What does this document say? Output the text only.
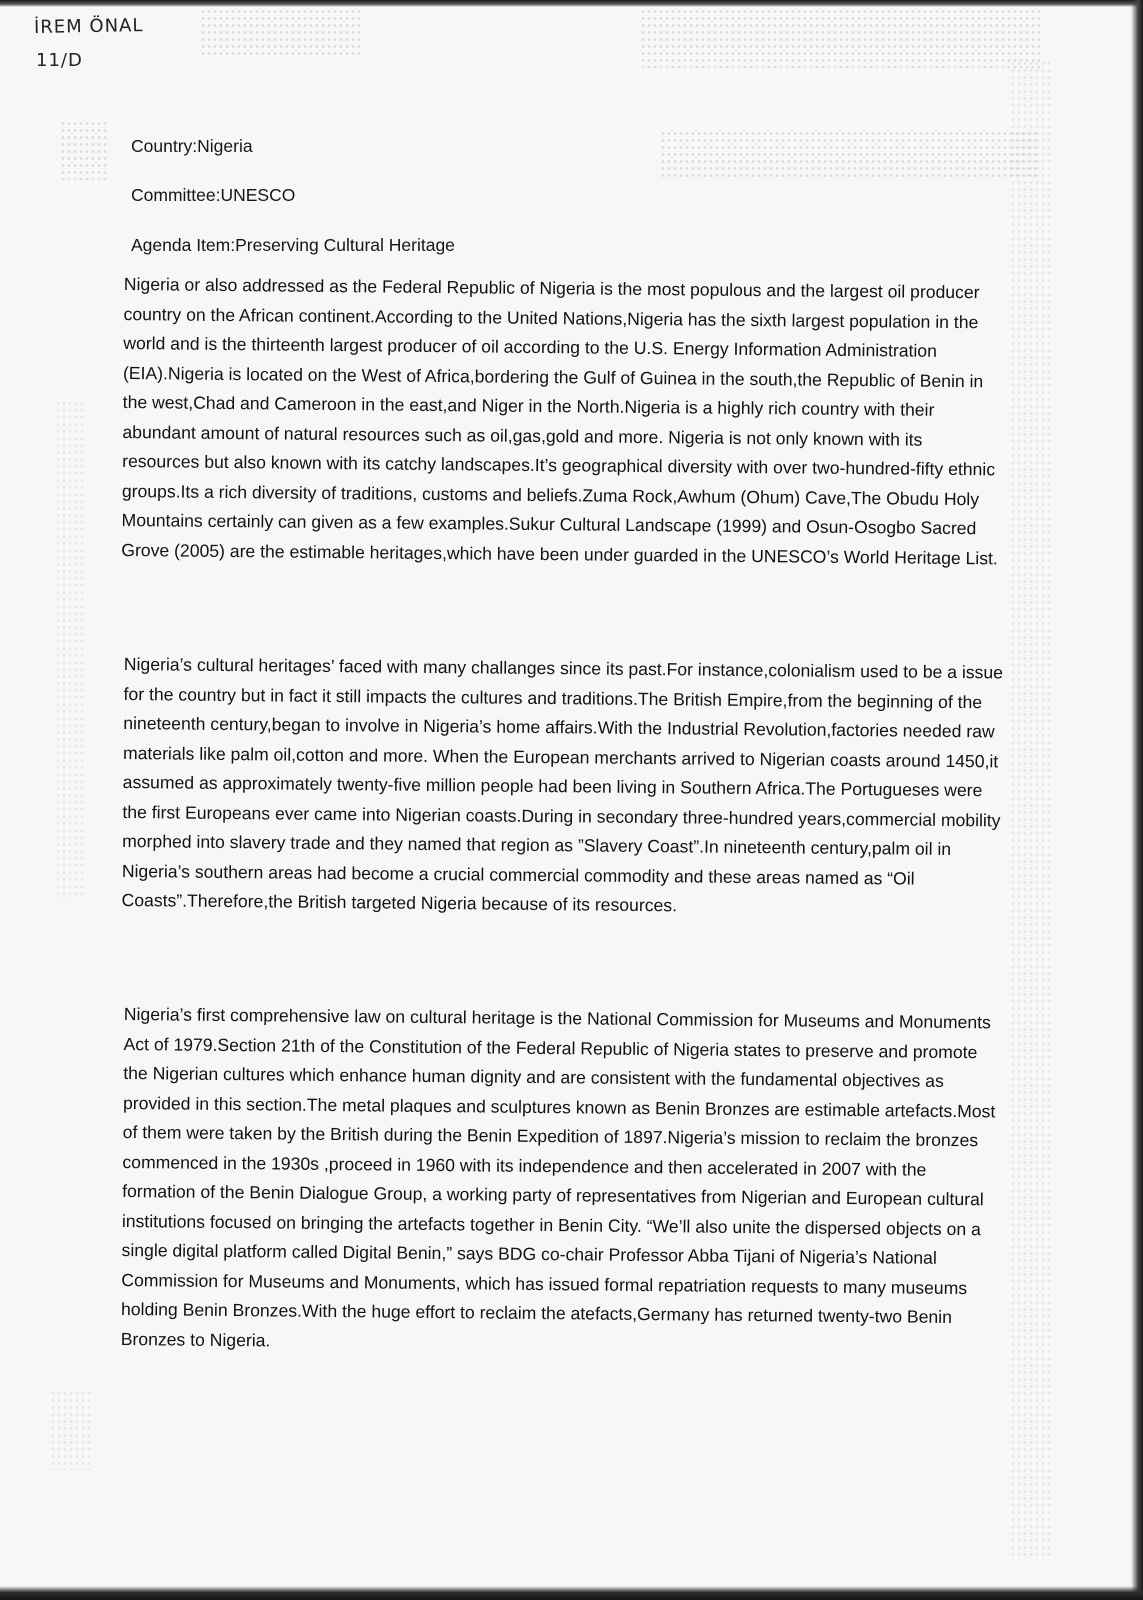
İREM ÖNAL
11/D
Country:Nigeria
Committee:UNESCO
Agenda Item:Preserving Cultural Heritage

Nigeria or also addressed as the Federal Republic of Nigeria is the most populous and the largest oil producer country on the African continent.According to the United Nations,Nigeria has the sixth largest population in the world and is the thirteenth largest producer of oil according to the U.S. Energy Information Administration (EIA).Nigeria is located on the West of Africa,bordering the Gulf of Guinea in the south,the Republic of Benin in the west,Chad and Cameroon in the east,and Niger in the North.Nigeria is a highly rich country with their abundant amount of natural resources such as oil,gas,gold and more. Nigeria is not only known with its resources but also known with its catchy landscapes.It’s geographical diversity with over two-hundred-fifty ethnic groups.Its a rich diversity of traditions, customs and beliefs.Zuma Rock,Awhum (Ohum) Cave,The Obudu Holy Mountains certainly can given as a few examples.Sukur Cultural Landscape (1999) and Osun-Osogbo Sacred Grove (2005) are the estimable heritages,which have been under guarded in the UNESCO’s World Heritage List.

Nigeria’s cultural heritages’ faced with many challanges since its past.For instance,colonialism used to be a issue for the country but in fact it still impacts the cultures and traditions.The British Empire,from the beginning of the nineteenth century,began to involve in Nigeria’s home affairs.With the Industrial Revolution,factories needed raw materials like palm oil,cotton and more. When the European merchants arrived to Nigerian coasts around 1450,it assumed as approximately twenty-five million people had been living in Southern Africa.The Portugueses were the first Europeans ever came into Nigerian coasts.During in secondary three-hundred years,commercial mobility morphed into slavery trade and they named that region as ”Slavery Coast”.In nineteenth century,palm oil in Nigeria’s southern areas had become a crucial commercial commodity and these areas named as “Oil Coasts”.Therefore,the British targeted Nigeria because of its resources.

Nigeria’s first comprehensive law on cultural heritage is the National Commission for Museums and Monuments Act of 1979.Section 21th of the Constitution of the Federal Republic of Nigeria states to preserve and promote the Nigerian cultures which enhance human dignity and are consistent with the fundamental objectives as provided in this section.The metal plaques and sculptures known as Benin Bronzes are estimable artefacts.Most of them were taken by the British during the Benin Expedition of 1897.Nigeria’s mission to reclaim the bronzes commenced in the 1930s ,proceed in 1960 with its independence and then accelerated in 2007 with the formation of the Benin Dialogue Group, a working party of representatives from Nigerian and European cultural institutions focused on bringing the artefacts together in Benin City. “We’ll also unite the dispersed objects on a single digital platform called Digital Benin,” says BDG co-chair Professor Abba Tijani of Nigeria’s National Commission for Museums and Monuments, which has issued formal repatriation requests to many museums holding Benin Bronzes.With the huge effort to reclaim the atefacts,Germany has returned twenty-two Benin Bronzes to Nigeria.
